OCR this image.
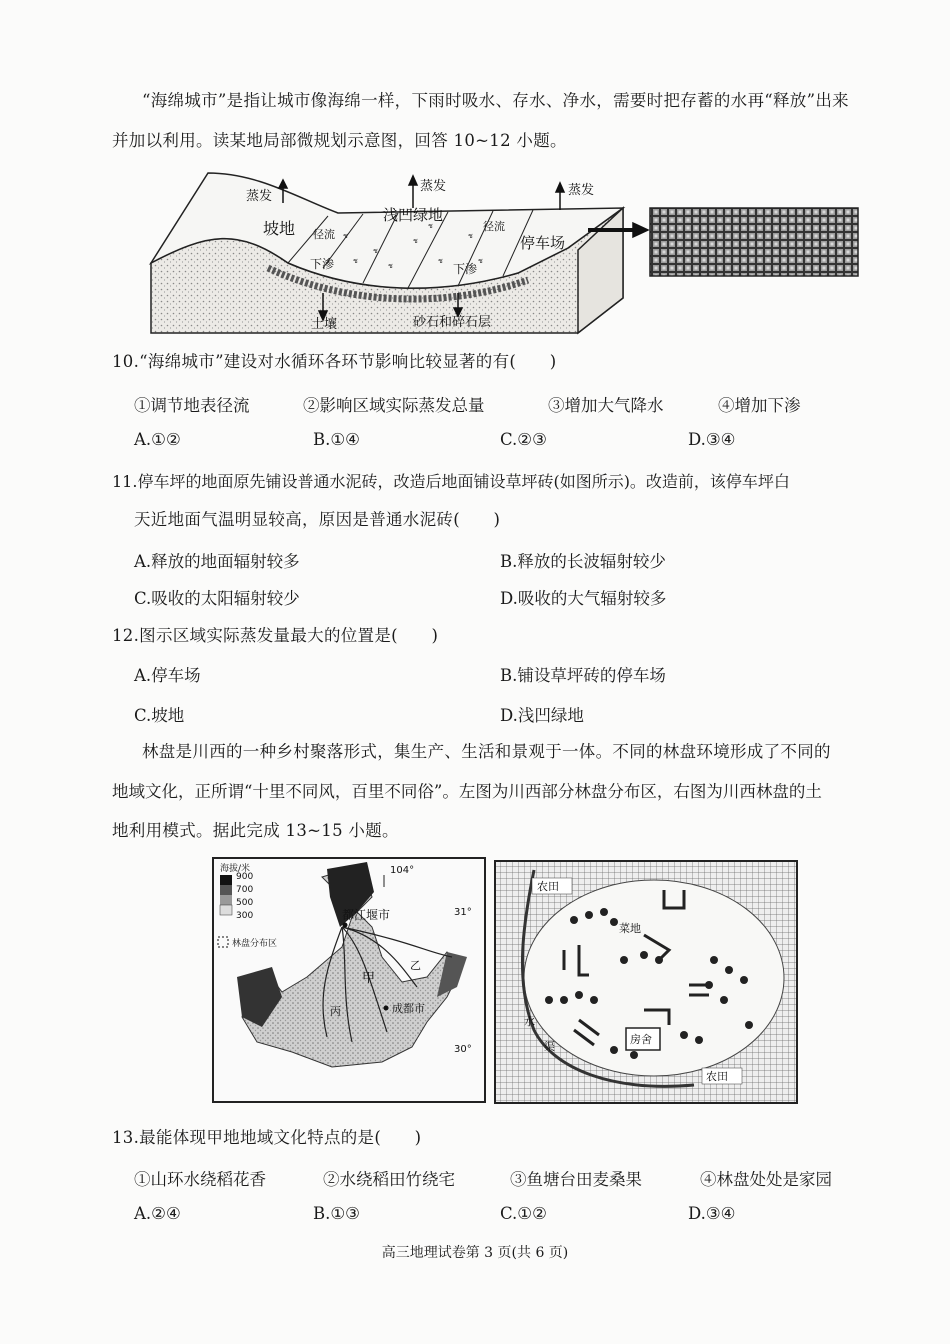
“海绵城市”是指让城市像海绵一样，下雨时吸水、存水、净水，需要时把存蓄的水再“释放”出来
并加以利用。读某地局部微规划示意图，回答 10~12 小题。
ช
ช
ช
ช
ช
ช
ช	ช
ช
蒸发
蒸发	蒸发
坡地
浅凹绿地
停车场
径流
径流
下渗	下渗
土壤	砂石和碎石层
10.“海绵城市”建设对水循环各环节影响比较显著的有(　　)
①调节地表径流	②影响区域实际蒸发总量	③增加大气降水	④增加下渗
A.①②	B.①④	C.②③	D.③④
11.停车坪的地面原先铺设普通水泥砖，改造后地面铺设草坪砖(如图所示)。改造前，该停车坪白
天近地面气温明显较高，原因是普通水泥砖(　　)
A.释放的地面辐射较多	B.释放的长波辐射较少
C.吸收的太阳辐射较少	D.吸收的大气辐射较多
12.图示区域实际蒸发量最大的位置是(　　)
A.停车场	B.铺设草坪砖的停车场
C.坡地	D.浅凹绿地
林盘是川西的一种乡村聚落形式，集生产、生活和景观于一体。不同的林盘环境形成了不同的
地域文化，正所谓“十里不同风，百里不同俗”。左图为川西部分林盘分布区，右图为川西林盘的土
地利用模式。据此完成 13~15 小题。
海拔/米
900
700
500
300
林盘分布区
104°
31°
30°
都江堰市
成都市
甲
乙
丙
农田
农田
菜地
水
渠
房舍
13.最能体现甲地地域文化特点的是(　　)
①山环水绕稻花香	②水绕稻田竹绕宅	③鱼塘台田麦桑果	④林盘处处是家园
A.②④	B.①③	C.①②	D.③④
高三地理试卷第 3 页(共 6 页)
